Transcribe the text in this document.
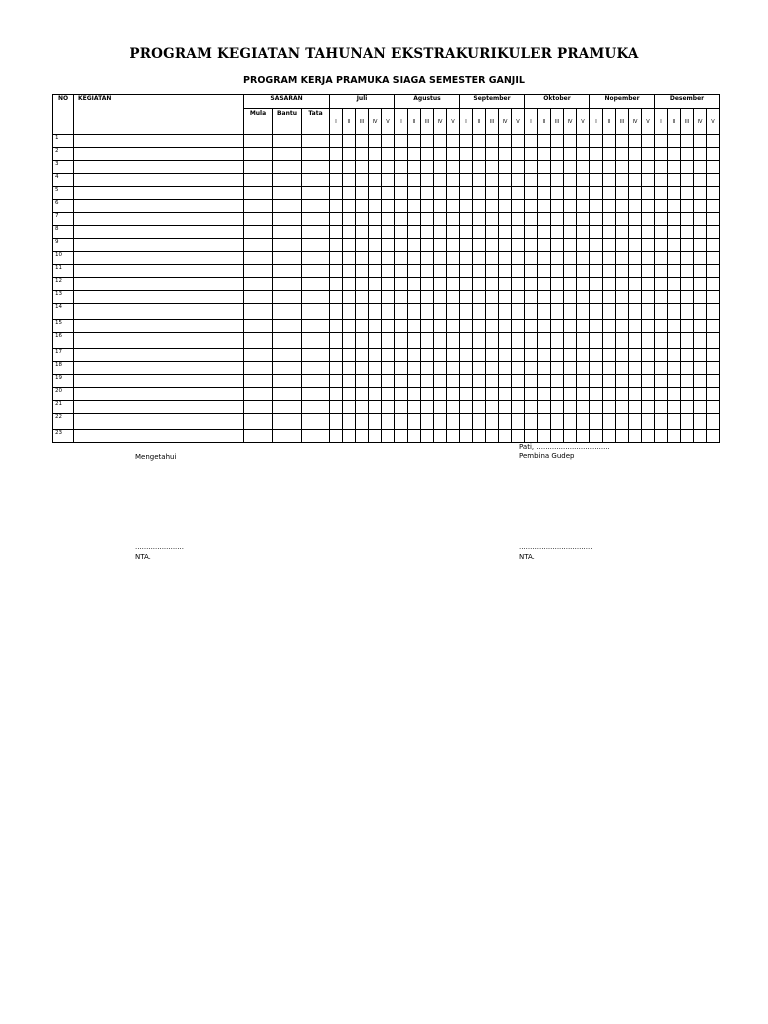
PROGRAM KEGIATAN TAHUNAN EKSTRAKURIKULER PRAMUKA
PROGRAM KERJA PRAMUKA SIAGA SEMESTER GANJIL
NO	KEGIATAN	SASARAN			Juli					Agustus					September					Oktober					Nopember					Desember				
		Mula	Bantu	Tata	I	II	III	IV	V	I	II	III	IV	V	I	II	III	IV	V	I	II	III	IV	V	I	II	III	IV	V	I	II	III	IV	V
1																																		
2																																		
3																																		
4																																		
5																																		
6																																		
7																																		
8																																		
9																																		
10																																		
11																																		
12																																		
13																																		
14																																		
15																																		
16																																		
17																																		
18																																		
19																																		
20																																		
21																																		
22																																		
23																																		
Mengetahui
......................
NTA.
Pati, .................................
Pembina Gudep
.................................
NTA.
